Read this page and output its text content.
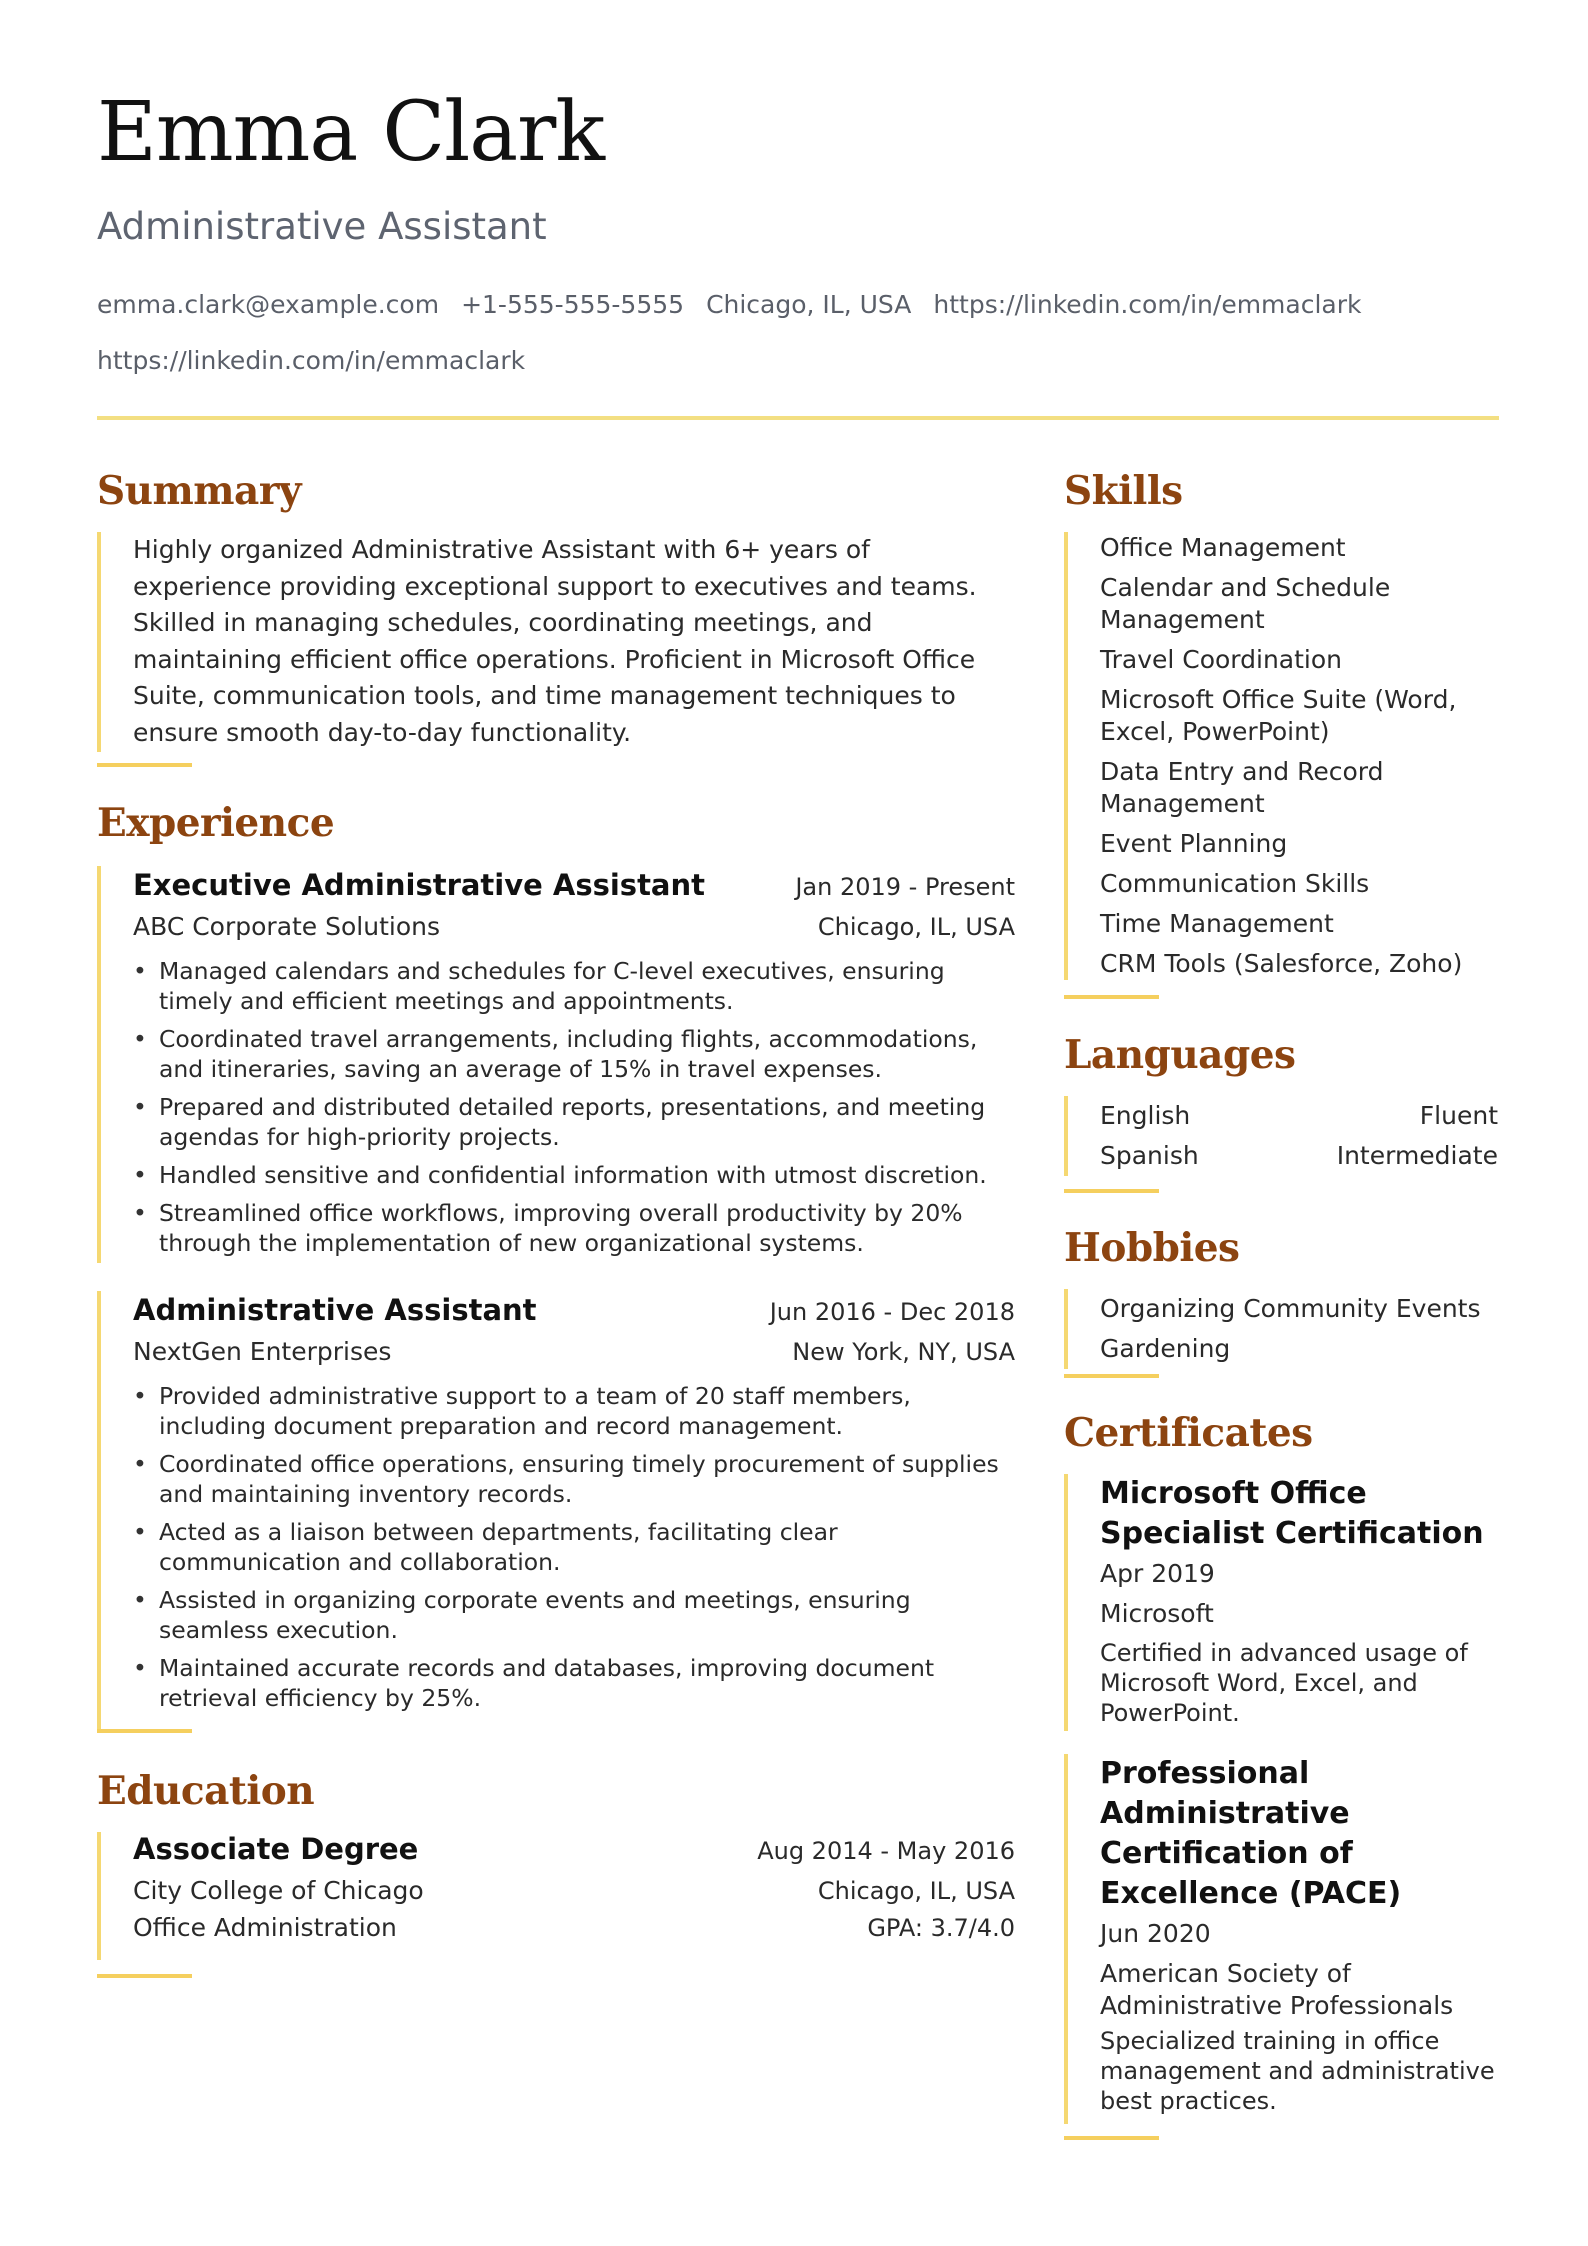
Emma Clark
Administrative Assistant
emma.clark@example.com +1-555-555-5555 Chicago, IL, USA https://linkedin.com/in/emmaclark
https://linkedin.com/in/emmaclark
Summary
Highly organized Administrative Assistant with 6+ years of experience providing exceptional support to executives and teams. Skilled in managing schedules, coordinating meetings, and maintaining efficient office operations. Proficient in Microsoft Office Suite, communication tools, and time management techniques to ensure smooth day-to-day functionality.
Experience
Executive Administrative Assistant	Jan 2019 - Present
ABC Corporate Solutions	Chicago, IL, USA
• Managed calendars and schedules for C-level executives, ensuring timely and efficient meetings and appointments.
• Coordinated travel arrangements, including flights, accommodations, and itineraries, saving an average of 15% in travel expenses.
• Prepared and distributed detailed reports, presentations, and meeting agendas for high-priority projects.
• Handled sensitive and confidential information with utmost discretion.
• Streamlined office workflows, improving overall productivity by 20% through the implementation of new organizational systems.
Administrative Assistant	Jun 2016 - Dec 2018
NextGen Enterprises	New York, NY, USA
• Provided administrative support to a team of 20 staff members, including document preparation and record management.
• Coordinated office operations, ensuring timely procurement of supplies and maintaining inventory records.
• Acted as a liaison between departments, facilitating clear communication and collaboration.
• Assisted in organizing corporate events and meetings, ensuring seamless execution.
• Maintained accurate records and databases, improving document retrieval efficiency by 25%.
Education
Associate Degree	Aug 2014 - May 2016
City College of Chicago	Chicago, IL, USA
Office Administration	GPA: 3.7/4.0
Skills
Office Management
Calendar and Schedule Management
Travel Coordination
Microsoft Office Suite (Word, Excel, PowerPoint)
Data Entry and Record Management
Event Planning
Communication Skills
Time Management
CRM Tools (Salesforce, Zoho)
Languages
English	Fluent
Spanish	Intermediate
Hobbies
Organizing Community Events
Gardening
Certificates
Microsoft Office Specialist Certification
Apr 2019
Microsoft
Certified in advanced usage of Microsoft Word, Excel, and PowerPoint.
Professional Administrative Certification of Excellence (PACE)
Jun 2020
American Society of Administrative Professionals
Specialized training in office management and administrative best practices.
